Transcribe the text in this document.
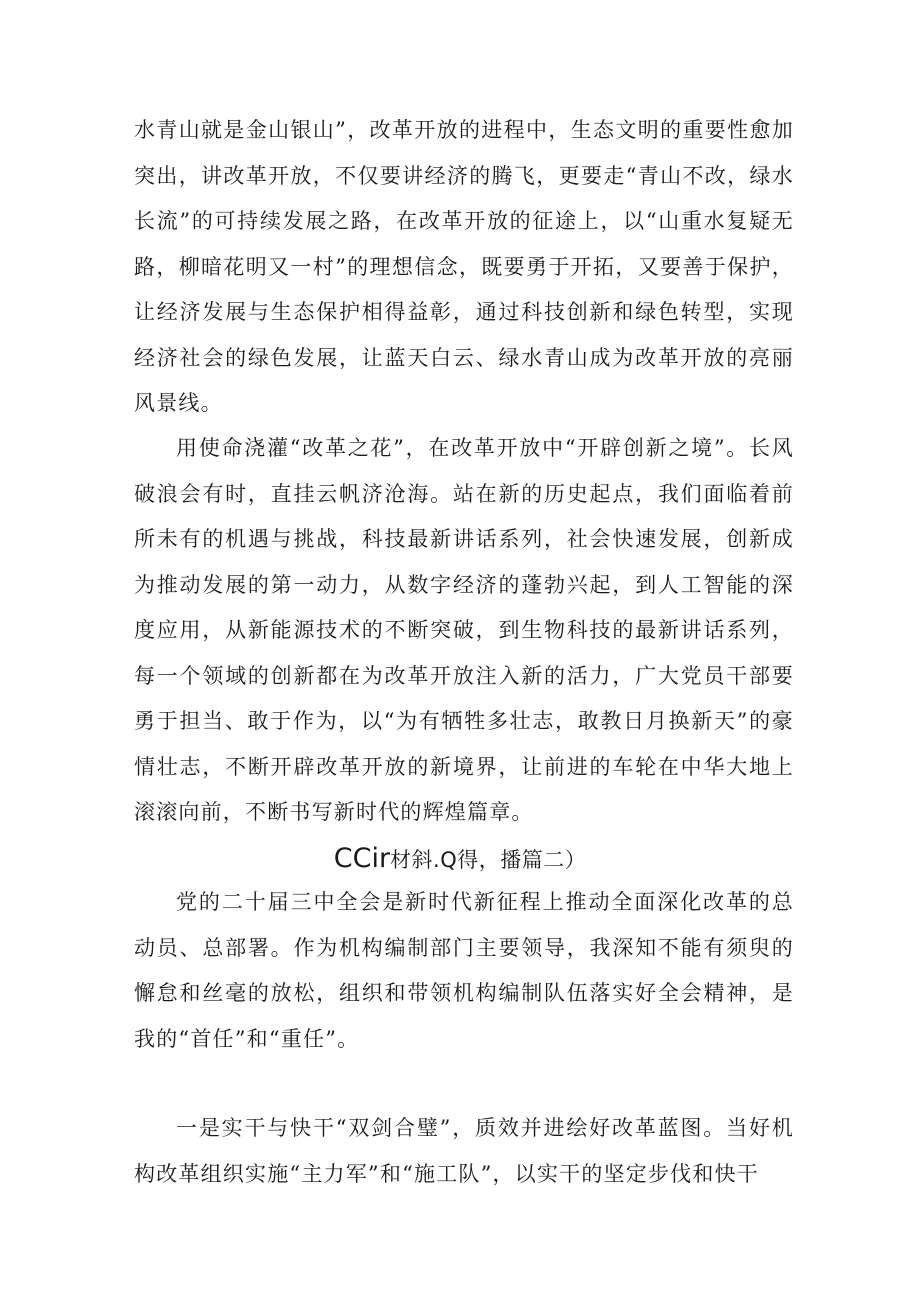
水青山就是金山银山”，改革开放的进程中，生态文明的重要性愈加突出，讲改革开放，不仅要讲经济的腾飞，更要走“青山不改，绿水长流”的可持续发展之路，在改革开放的征途上，以“山重水复疑无路，柳暗花明又一村”的理想信念，既要勇于开拓，又要善于保护，让经济发展与生态保护相得益彰，通过科技创新和绿色转型，实现经济社会的绿色发展，让蓝天白云、绿水青山成为改革开放的亮丽风景线。

用使命浇灌“改革之花”，在改革开放中“开辟创新之境”。长风破浪会有时，直挂云帆济沧海。站在新的历史起点，我们面临着前所未有的机遇与挑战，科技最新讲话系列，社会快速发展，创新成为推动发展的第一动力，从数字经济的蓬勃兴起，到人工智能的深度应用，从新能源技术的不断突破，到生物科技的最新讲话系列，每一个领域的创新都在为改革开放注入新的活力，广大党员干部要勇于担当、敢于作为，以“为有牺牲多壮志，敢教日月换新天”的豪情壮志，不断开辟改革开放的新境界，让前进的车轮在中华大地上滚滚向前，不断书写新时代的辉煌篇章。

CCir材斜.Q得，播篇二）

党的二十届三中全会是新时代新征程上推动全面深化改革的总动员、总部署。作为机构编制部门主要领导，我深知不能有须臾的懈怠和丝毫的放松，组织和带领机构编制队伍落实好全会精神，是我的“首任”和“重任”。

一是实干与快干“双剑合璧”，质效并进绘好改革蓝图。当好机构改革组织实施“主力军”和“施工队”，以实干的坚定步伐和快干
